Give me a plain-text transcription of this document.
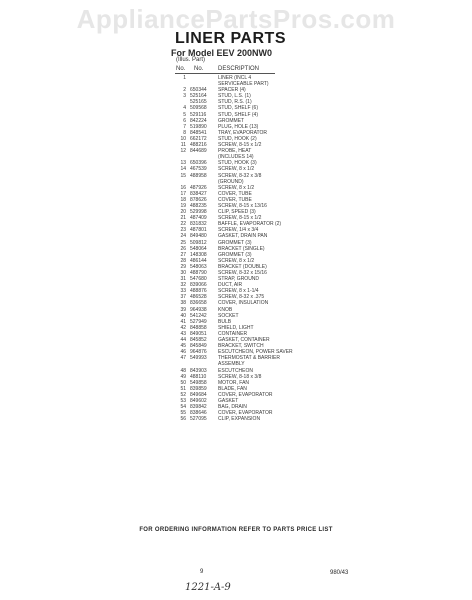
AppliancePartsPros.com
LINER PARTS
For Model EEV 200NW0
(Illus. Part)
No. No. DESCRIPTION
1	LINER (INCL 4
SERVICEABLE PART)
2 650344 SPACER (4)
3 525164 STUD, L.S. (1)
525165 STUD, R.S. (1)
4 509568 STUD, SHELF (6)
5 529116 STUD, SHELF (4)
6 842224 GROMMET
7 519890 PLUG, HOLE (13)
8 848541 TRAY, EVAPORATOR
10 662172 STUD, HOOK (2)
11 488216 SCREW, 8-15 x 1/2
12 844689 PROBE, HEAT
(INCLUDES 14)
13 650396 STUD, HOOK (3)
14 467539 SCREW, 8 x 1/2
15 488958 SCREW, 8-32 x 3/8
(GROUND)
16 487926 SCREW, 8 x 1/2
17 838427 COVER, TUBE
18 878626 COVER, TUBE
19 488235 SCREW, 8-15 x 13/16
20 529998 CLIP, SPEED (3)
21 487409 SCREW, 8-15 x 1/2
22 831832 BAFFLE, EVAPORATOR (2)
23 487801 SCREW, 1/4 x 3/4
24 849480 GASKET, DRAIN PAN
25 509812 GROMMET (3)
26 548064 BRACKET (SINGLE)
27 148308 GROMMET (3)
28 486144 SCREW, 8 x 1/2
29 548063 BRACKET (DOUBLE)
30 488790 SCREW, 8-32 x 15/16
31 547680 STRAP, GROUND
32 839066 DUCT, AIR
33 488876 SCREW, 8 x 1-1/4
37 486528 SCREW, 8-32 x .375
38 836658 COVER, INSULATION
39 964938 KNOB
40 541242 SOCKET
41 527949 BULB
42 848858 SHIELD, LIGHT
43 849051 CONTAINER
44 845852 GASKET, CONTAINER
45 845849 BRACKET, SWITCH
46 964876 ESCUTCHEON, POWER SAVER
47 549993 THERMOSTAT & BARRIER
ASSEMBLY
48 843903 ESCUTCHEON
49 488110 SCREW, 8-18 x 3/8
50 549858 MOTOR, FAN
51 839859 BLADE, FAN
52 849684 COVER, EVAPORATOR
53 849602 GASKET
54 839842 BAG, DRAIN
55 838646 COVER, EVAPORATOR
56 527095 CLIP, EXPANSION
FOR ORDERING INFORMATION REFER TO PARTS PRICE LIST
9	980/43
1221-A-9
